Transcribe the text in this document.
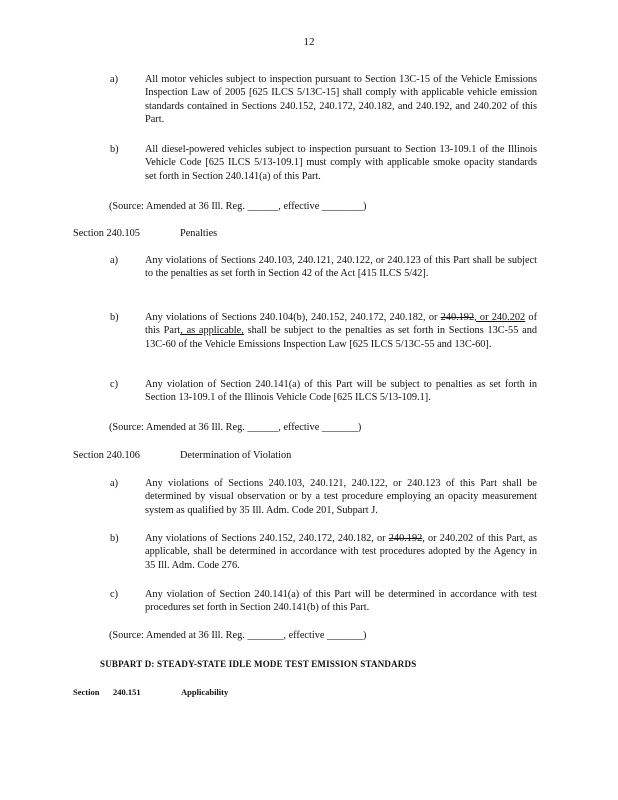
12
a)	All motor vehicles subject to inspection pursuant to Section 13C-15 of the Vehicle Emissions Inspection Law of 2005 [625 ILCS 5/13C-15] shall comply with applicable vehicle emission standards contained in Sections 240.152, 240.172, 240.182, and 240.192, and 240.202 of this Part.
b)	All diesel-powered vehicles subject to inspection pursuant to Section 13-109.1 of the Illinois Vehicle Code [625 ILCS 5/13-109.1] must comply with applicable smoke opacity standards set forth in Section 240.141(a) of this Part.
(Source: Amended at 36 Ill. Reg. ______, effective ________)
Section 240.105	Penalties
a)	Any violations of Sections 240.103, 240.121, 240.122, or 240.123 of this Part shall be subject to the penalties as set forth in Section 42 of the Act [415 ILCS 5/42].
b)	Any violations of Sections 240.104(b), 240.152, 240.172, 240.182, or 240.192, or 240.202 of this Part, as applicable, shall be subject to the penalties as set forth in Sections 13C-55 and 13C-60 of the Vehicle Emissions Inspection Law [625 ILCS 5/13C-55 and 13C-60].
c)	Any violation of Section 240.141(a) of this Part will be subject to penalties as set forth in Section 13-109.1 of the Illinois Vehicle Code [625 ILCS 5/13-109.1].
(Source: Amended at 36 Ill. Reg. ______, effective _______)
Section 240.106	Determination of Violation
a)	Any violations of Sections 240.103, 240.121, 240.122, or 240.123 of this Part shall be determined by visual observation or by a test procedure employing an opacity measurement system as qualified by 35 Ill. Adm. Code 201, Subpart J.
b)	Any violations of Sections 240.152, 240.172, 240.182, or 240.192, or 240.202 of this Part, as applicable, shall be determined in accordance with test procedures adopted by the Agency in 35 Ill. Adm. Code 276.
c)	Any violation of Section 240.141(a) of this Part will be determined in accordance with test procedures set forth in Section 240.141(b) of this Part.
(Source: Amended at 36 Ill. Reg. _______, effective _______)
SUBPART D: STEADY-STATE IDLE MODE TEST EMISSION STANDARDS
Section 240.151	Applicability
